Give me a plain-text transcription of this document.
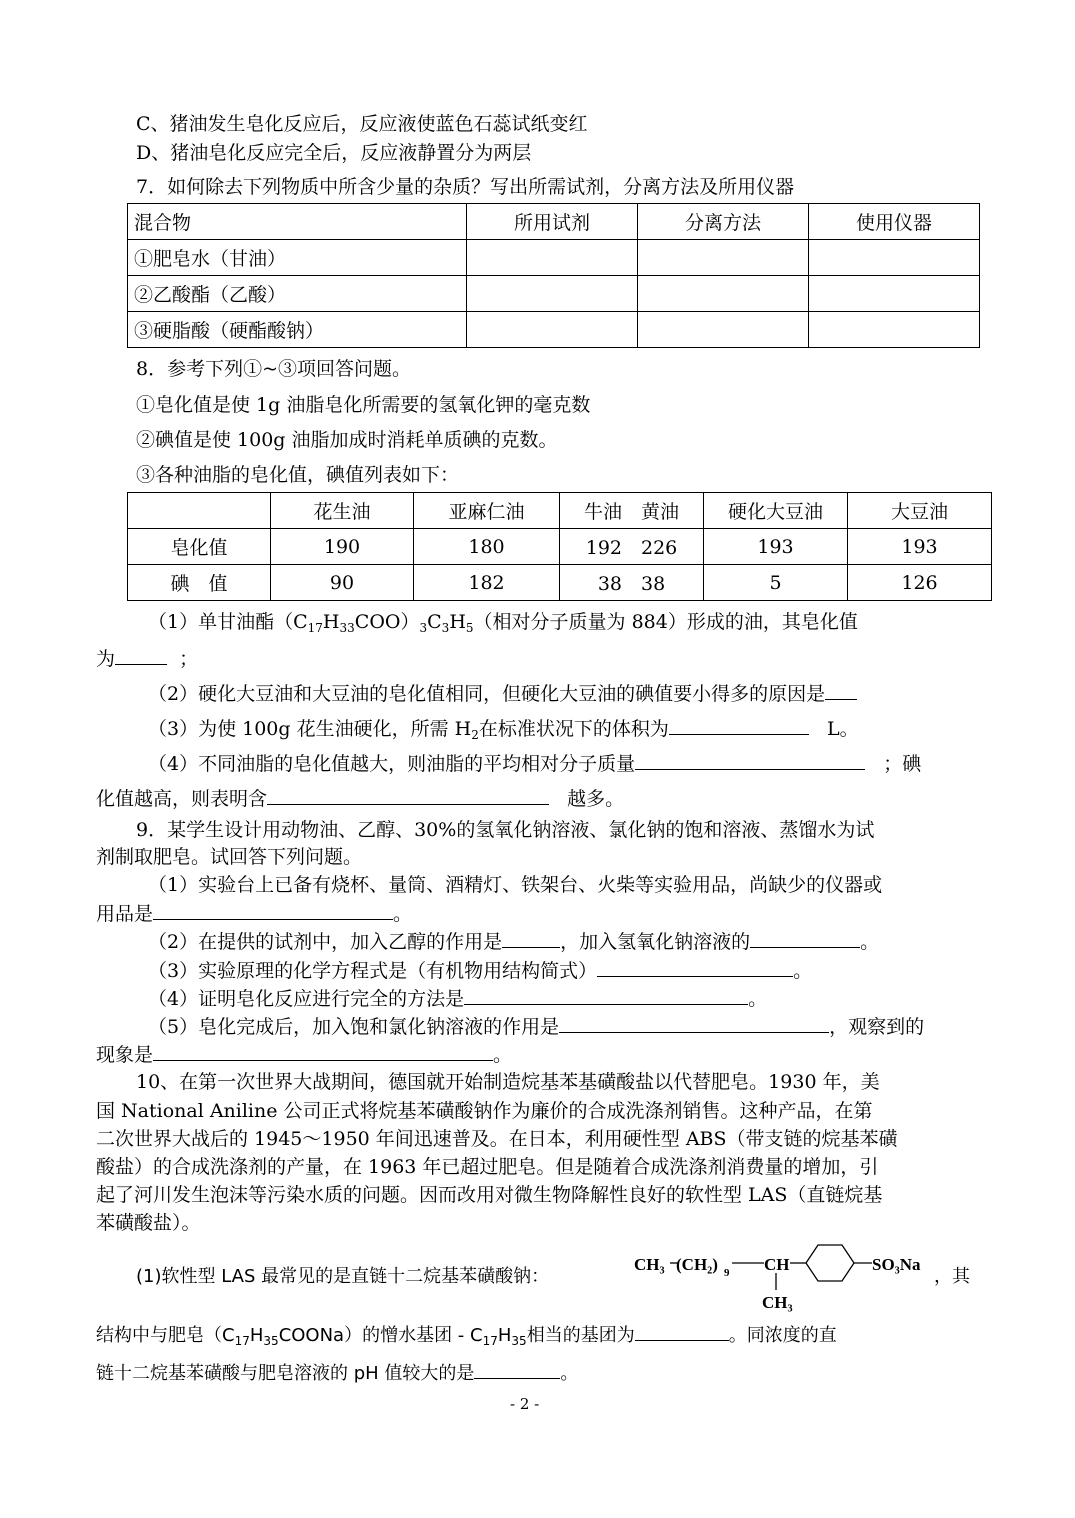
C、猪油发生皂化反应后，反应液使蓝色石蕊试纸变红
D、猪油皂化反应完全后，反应液静置分为两层
7．如何除去下列物质中所含少量的杂质？写出所需试剂，分离方法及所用仪器
混合物	所用试剂	分离方法	使用仪器
①肥皂水（甘油）			
②乙酸酯（乙酸）			
③硬脂酸（硬酯酸钠）			
8．参考下列①~③项回答问题。
①皂化值是使 1g 油脂皂化所需要的氢氧化钾的毫克数
②碘值是使 100g 油脂加成时消耗单质碘的克数。
③各种油脂的皂化值，碘值列表如下：
	花生油	亚麻仁油	牛油　黄油	硬化大豆油	大豆油
皂化值	190	180	192　226	193	193
碘　值	90	182	38　38	5	126
（1）单甘油酯$(C_{17}H_{33}COO)_3C_3H_5$（相对分子质量为 884）形成的油，其皂化值
为	；
（2）硬化大豆油和大豆油的皂化值相同，但硬化大豆油的碘值要小得多的原因是
（3）为使 100g 花生油硬化，所需 $H_2$在标准状况下的体积为	L。
（4）不同油脂的皂化值越大，则油脂的平均相对分子质量	；碘
化值越高，则表明含	越多。
9．某学生设计用动物油、乙醇、30%的氢氧化钠溶液、氯化钠的饱和溶液、蒸馏水为试
剂制取肥皂。试回答下列问题。
（1）实验台上已备有烧杯、量筒、酒精灯、铁架台、火柴等实验用品，尚缺少的仪器或
用品是	。
（2）在提供的试剂中，加入乙醇的作用是	，加入氢氧化钠溶液的	。
（3）实验原理的化学方程式是（有机物用结构简式）	。
（4）证明皂化反应进行完全的方法是	。
（5）皂化完成后，加入饱和氯化钠溶液的作用是	，观察到的
现象是	。
10、在第一次世界大战期间，德国就开始制造烷基苯基磺酸盐以代替肥皂。1930 年，美
国 National Aniline 公司正式将烷基苯磺酸钠作为廉价的合成洗涤剂销售。这种产品，在第
二次世界大战后的 1945～1950 年间迅速普及。在日本，利用硬性型 ABS（带支链的烷基苯磺
酸盐）的合成洗涤剂的产量，在 1963 年已超过肥皂。但是随着合成洗涤剂消费量的增加，引
起了河川发生泡沫等污染水质的问题。因而改用对微生物降解性良好的软性型 LAS（直链烷基
苯磺酸盐）。
(1)软性型 LAS 最常见的是直链十二烷基苯磺酸钠：
CH₃ (CH₂) 9 CH
CH₃
SO₃Na
，其
结构中与肥皂$(C_{17}H_{35}COONa)$的憎水基团 - $C_{17}H_{35}$相当的基团为	。同浓度的直
链十二烷基苯磺酸与肥皂溶液的 pH 值较大的是	。
- 2 -
